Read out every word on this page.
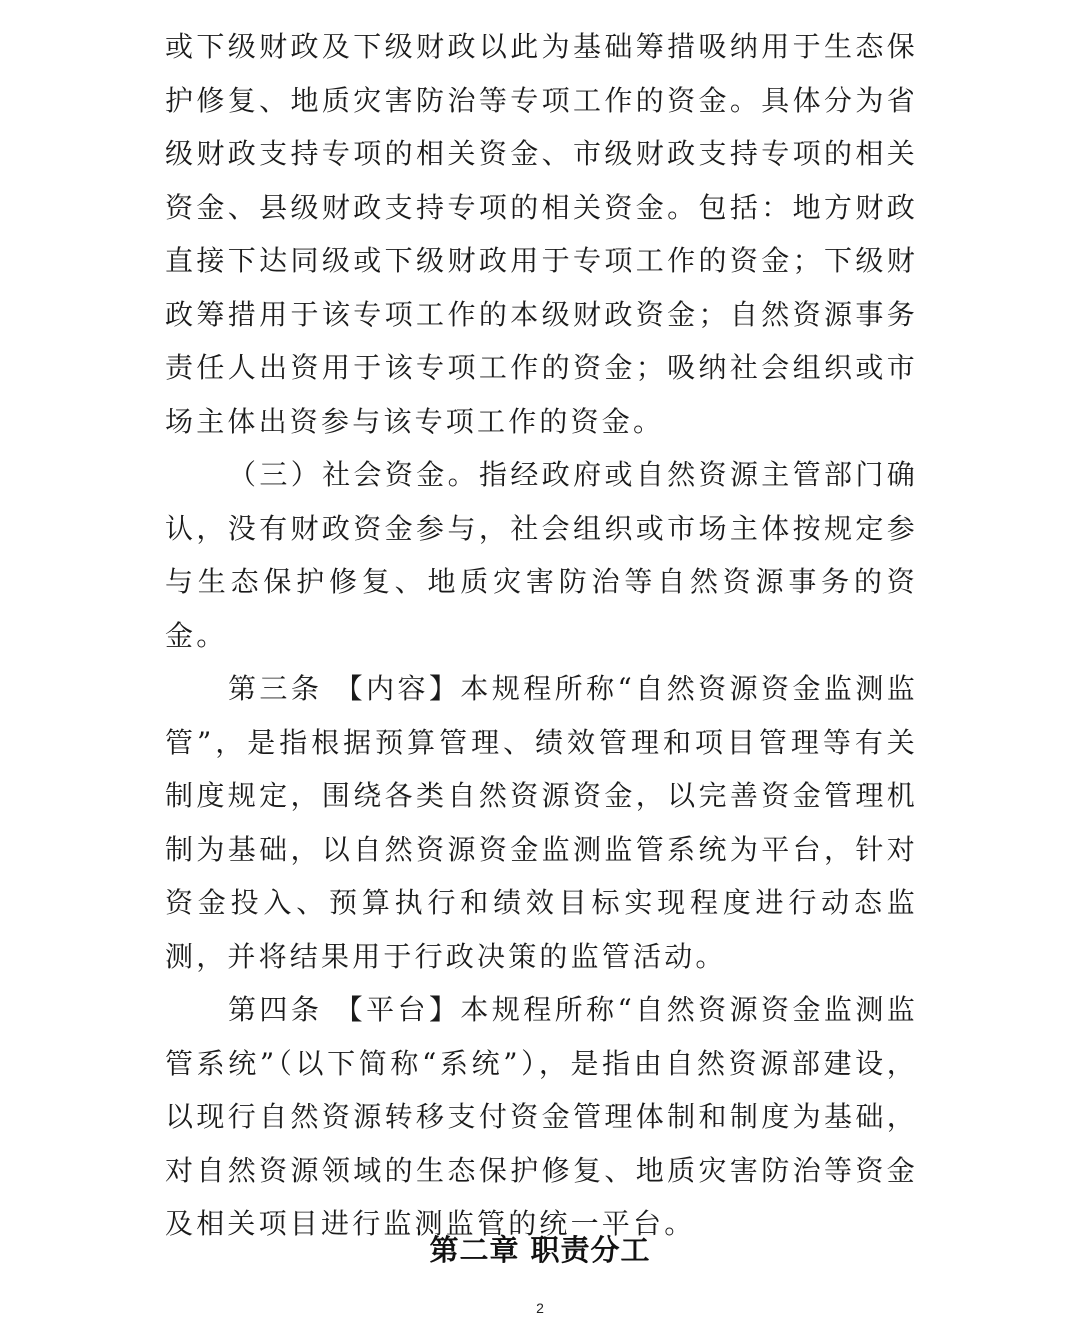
或下级财政及下级财政以此为基础筹措吸纳用于生态保护修复、地质灾害防治等专项工作的资金。具体分为省级财政支持专项的相关资金、市级财政支持专项的相关资金、县级财政支持专项的相关资金。包括：地方财政直接下达同级或下级财政用于专项工作的资金；下级财政筹措用于该专项工作的本级财政资金；自然资源事务责任人出资用于该专项工作的资金；吸纳社会组织或市场主体出资参与该专项工作的资金。

（三）社会资金。指经政府或自然资源主管部门确认，没有财政资金参与，社会组织或市场主体按规定参与生态保护修复、地质灾害防治等自然资源事务的资金。

第三条 【内容】本规程所称“自然资源资金监测监管”，是指根据预算管理、绩效管理和项目管理等有关制度规定，围绕各类自然资源资金，以完善资金管理机制为基础，以自然资源资金监测监管系统为平台，针对资金投入、预算执行和绩效目标实现程度进行动态监测，并将结果用于行政决策的监管活动。

第四条 【平台】本规程所称“自然资源资金监测监管系统”（以下简称“系统”），是指由自然资源部建设，以现行自然资源转移支付资金管理体制和制度为基础，对自然资源领域的生态保护修复、地质灾害防治等资金及相关项目进行监测监管的统一平台。

第二章 职责分工
2
